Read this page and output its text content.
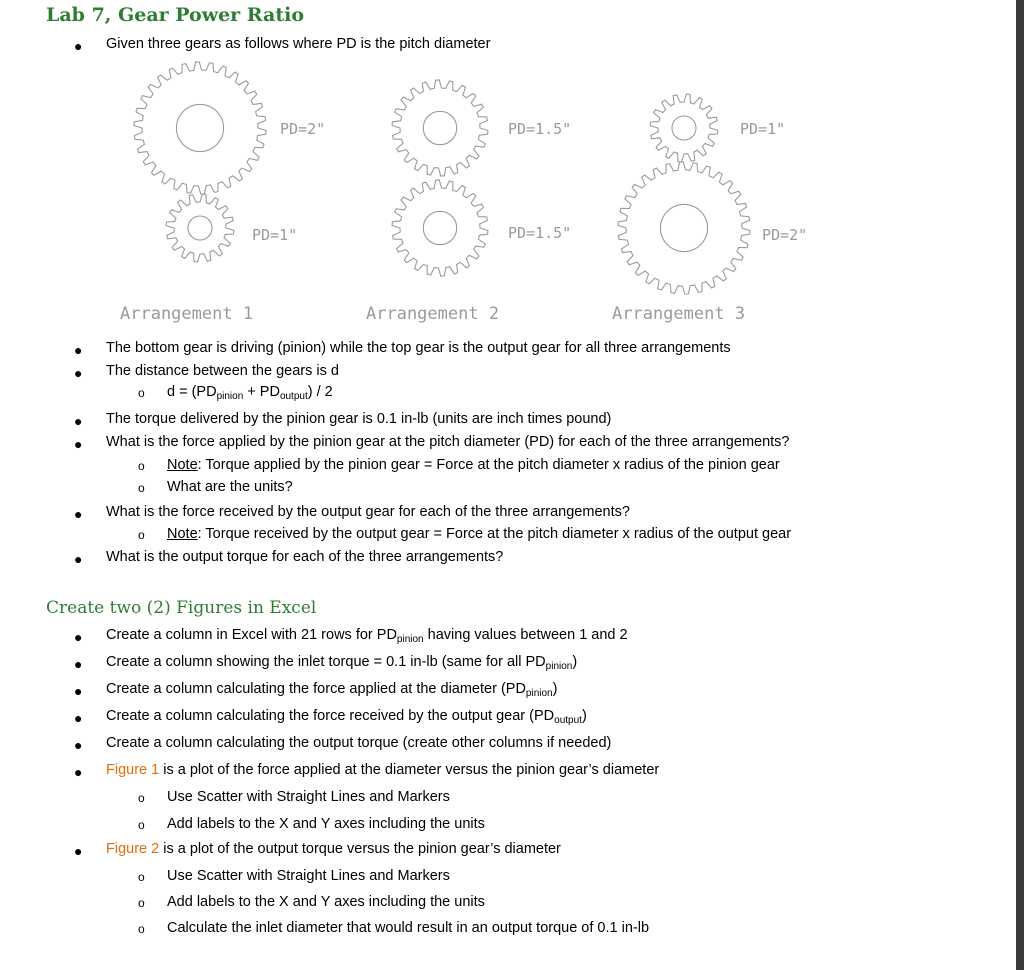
Lab 7, Gear Power Ratio
● Given three gears as follows where PD is the pitch diameter
PD=2"
PD=1"
PD=1.5"
PD=1.5"
PD=1"
PD=2"
Arrangement 1	Arrangement 2	Arrangement 3
● The bottom gear is driving (pinion) while the top gear is the output gear for all three arrangements
● The distance between the gears is d
o $d = (PD_{pinion} + PD_{output}) / 2$
● The torque delivered by the pinion gear is 0.1 in-lb (units are inch times pound)
● What is the force applied by the pinion gear at the pitch diameter (PD) for each of the three arrangements?
o Note: Torque applied by the pinion gear = Force at the pitch diameter x radius of the pinion gear
o What are the units?
● What is the force received by the output gear for each of the three arrangements?
o Note: Torque received by the output gear = Force at the pitch diameter x radius of the output gear
● What is the output torque for each of the three arrangements?
Create two (2) Figures in Excel
● Create a column in Excel with 21 rows for $PD_{pinion}$ having values between 1 and 2
● Create a column showing the inlet torque = 0.1 in-lb (same for all $PD_{pinion}$)
● Create a column calculating the force applied at the diameter $(PD_{pinion})$
● Create a column calculating the force received by the output gear $(PD_{output})$
● Create a column calculating the output torque (create other columns if needed)
● Figure 1 is a plot of the force applied at the diameter versus the pinion gear’s diameter
o Use Scatter with Straight Lines and Markers
o Add labels to the X and Y axes including the units
● Figure 2 is a plot of the output torque versus the pinion gear’s diameter
o Use Scatter with Straight Lines and Markers
o Add labels to the X and Y axes including the units
o Calculate the inlet diameter that would result in an output torque of 0.1 in-lb
